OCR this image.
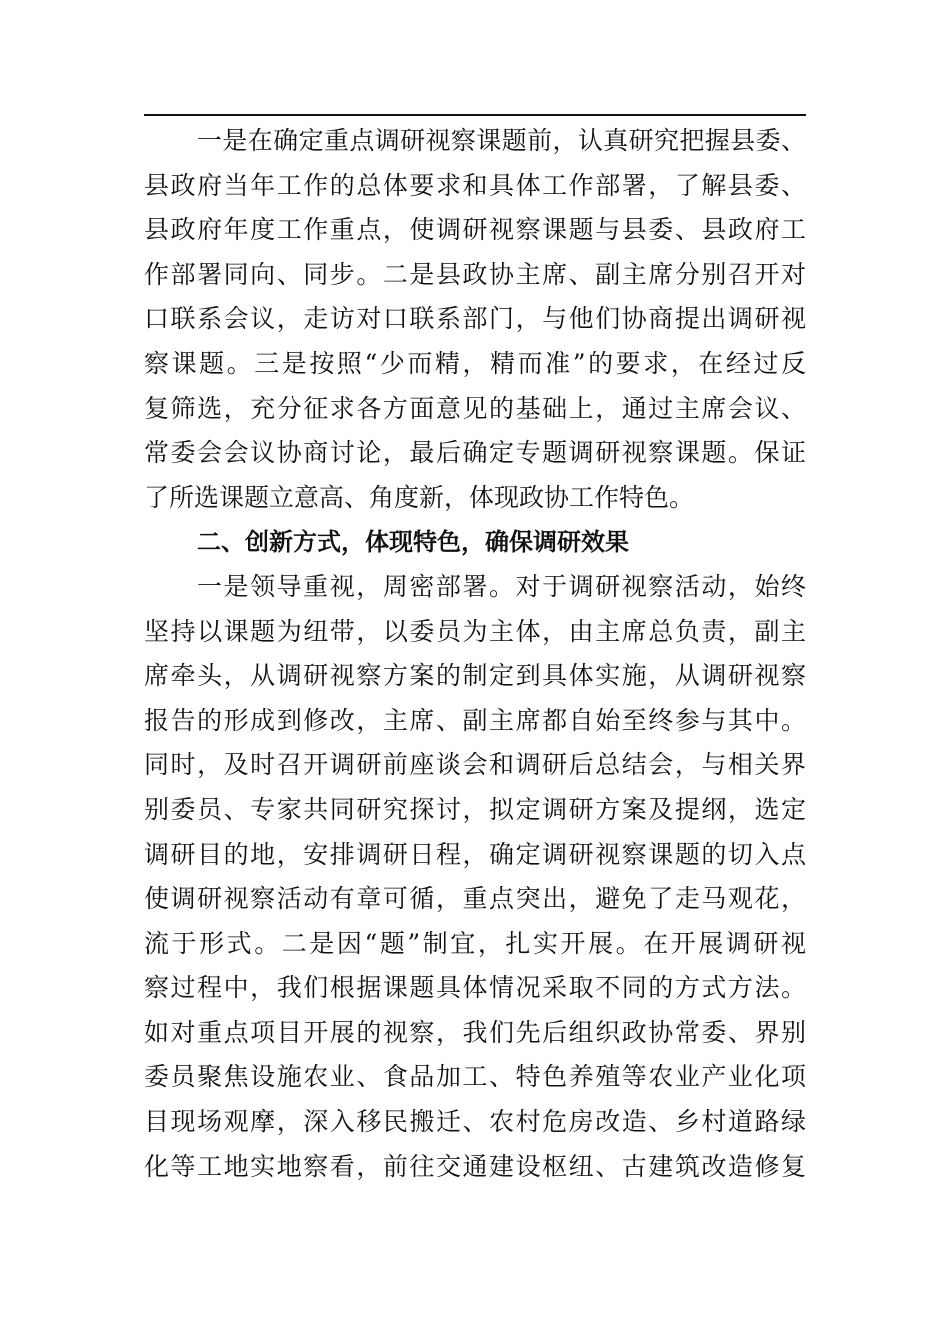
一是在确定重点调研视察课题前，认真研究把握县委、
县政府当年工作的总体要求和具体工作部署，了解县委、
县政府年度工作重点，使调研视察课题与县委、县政府工
作部署同向、同步。二是县政协主席、副主席分别召开对
口联系会议，走访对口联系部门，与他们协商提出调研视
察课题。三是按照“少而精，精而准”的要求，在经过反
复筛选，充分征求各方面意见的基础上，通过主席会议、
常委会会议协商讨论，最后确定专题调研视察课题。保证
了所选课题立意高、角度新，体现政协工作特色。
二、创新方式，体现特色，确保调研效果
一是领导重视，周密部署。对于调研视察活动，始终
坚持以课题为纽带，以委员为主体，由主席总负责，副主
席牵头，从调研视察方案的制定到具体实施，从调研视察
报告的形成到修改，主席、副主席都自始至终参与其中。
同时，及时召开调研前座谈会和调研后总结会，与相关界
别委员、专家共同研究探讨，拟定调研方案及提纲，选定
调研目的地，安排调研日程，确定调研视察课题的切入点
使调研视察活动有章可循，重点突出，避免了走马观花，
流于形式。二是因“题”制宜，扎实开展。在开展调研视
察过程中，我们根据课题具体情况采取不同的方式方法。
如对重点项目开展的视察，我们先后组织政协常委、界别
委员聚焦设施农业、食品加工、特色养殖等农业产业化项
目现场观摩，深入移民搬迁、农村危房改造、乡村道路绿
化等工地实地察看，前往交通建设枢纽、古建筑改造修复
